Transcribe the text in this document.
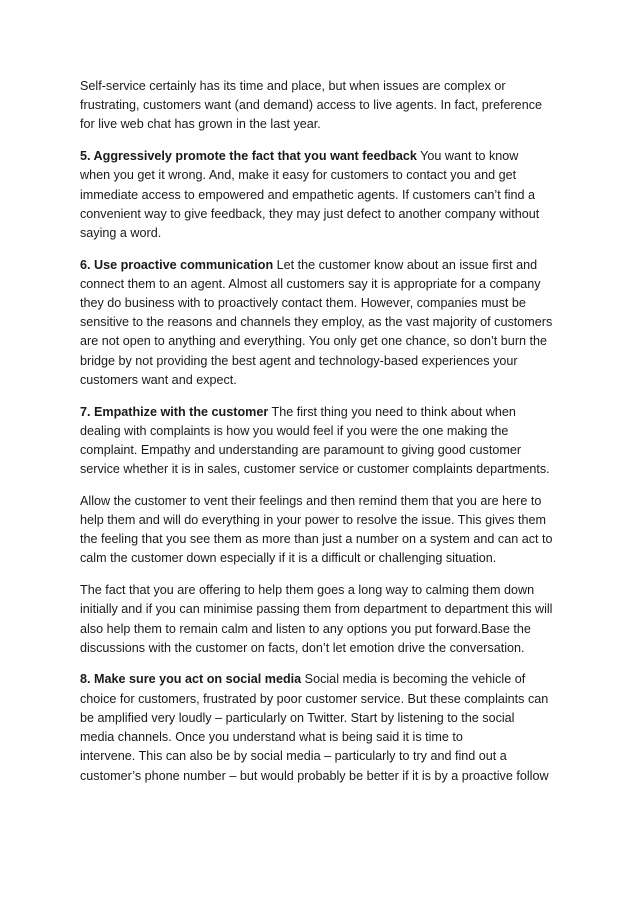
Self-service certainly has its time and place, but when issues are complex or
frustrating, customers want (and demand) access to live agents. In fact, preference
for live web chat has grown in the last year.

5. Aggressively promote the fact that you want feedback You want to know
when you get it wrong. And, make it easy for customers to contact you and get
immediate access to empowered and empathetic agents. If customers can’t find a
convenient way to give feedback, they may just defect to another company without
saying a word.

6. Use proactive communication Let the customer know about an issue first and
connect them to an agent. Almost all customers say it is appropriate for a company
they do business with to proactively contact them. However, companies must be
sensitive to the reasons and channels they employ, as the vast majority of customers
are not open to anything and everything. You only get one chance, so don’t burn the
bridge by not providing the best agent and technology-based experiences your
customers want and expect.

7. Empathize with the customer The first thing you need to think about when
dealing with complaints is how you would feel if you were the one making the
complaint. Empathy and understanding are paramount to giving good customer
service whether it is in sales, customer service or customer complaints departments.

Allow the customer to vent their feelings and then remind them that you are here to
help them and will do everything in your power to resolve the issue. This gives them
the feeling that you see them as more than just a number on a system and can act to
calm the customer down especially if it is a difficult or challenging situation.

The fact that you are offering to help them goes a long way to calming them down
initially and if you can minimise passing them from department to department this will
also help them to remain calm and listen to any options you put forward.Base the
discussions with the customer on facts, don’t let emotion drive the conversation.

8. Make sure you act on social media Social media is becoming the vehicle of
choice for customers, frustrated by poor customer service. But these complaints can
be amplified very loudly – particularly on Twitter. Start by listening to the social
media channels. Once you understand what is being said it is time to
intervene. This can also be by social media – particularly to try and find out a
customer’s phone number – but would probably be better if it is by a proactive follow
